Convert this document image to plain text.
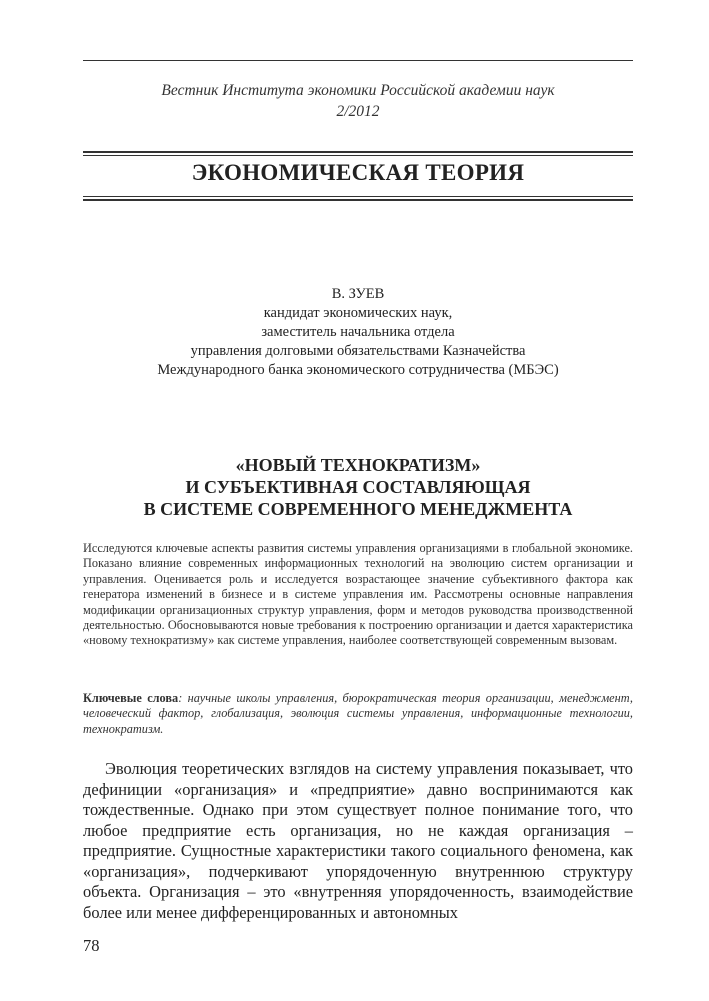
Вестник Института экономики Российской академии наук
2/2012
ЭКОНОМИЧЕСКАЯ ТЕОРИЯ
В. ЗУЕВ
кандидат экономических наук,
заместитель начальника отдела
управления долговыми обязательствами Казначейства
Международного банка экономического сотрудничества (МБЭС)
«НОВЫЙ ТЕХНОКРАТИЗМ»
И СУБЪЕКТИВНАЯ СОСТАВЛЯЮЩАЯ
В СИСТЕМЕ СОВРЕМЕННОГО МЕНЕДЖМЕНТА
Исследуются ключевые аспекты развития системы управления организациями в глобальной экономике. Показано влияние современных информационных технологий на эволюцию систем организации и управления. Оценивается роль и исследуется возрастающее значение субъективного фактора как генератора изменений в бизнесе и в системе управления им. Рассмотрены основные направления модификации организационных структур управления, форм и методов руководства производственной деятельностью. Обосновываются новые требования к построению организации и дается характеристика «новому технократизму» как системе управления, наиболее соответствующей современным вызовам.
Ключевые слова: научные школы управления, бюрократическая теория организации, менеджмент, человеческий фактор, глобализация, эволюция системы управления, информационные технологии, технократизм.
Эволюция теоретических взглядов на систему управления показывает, что дефиниции «организация» и «предприятие» давно воспринимаются как тождественные. Однако при этом существует полное понимание того, что любое предприятие есть организация, но не каждая организация – предприятие. Сущностные характеристики такого социального феномена, как «организация», подчеркивают упорядоченную внутреннюю структуру объекта. Организация – это «внутренняя упорядоченность, взаимодействие более или менее дифференцированных и автономных
78
